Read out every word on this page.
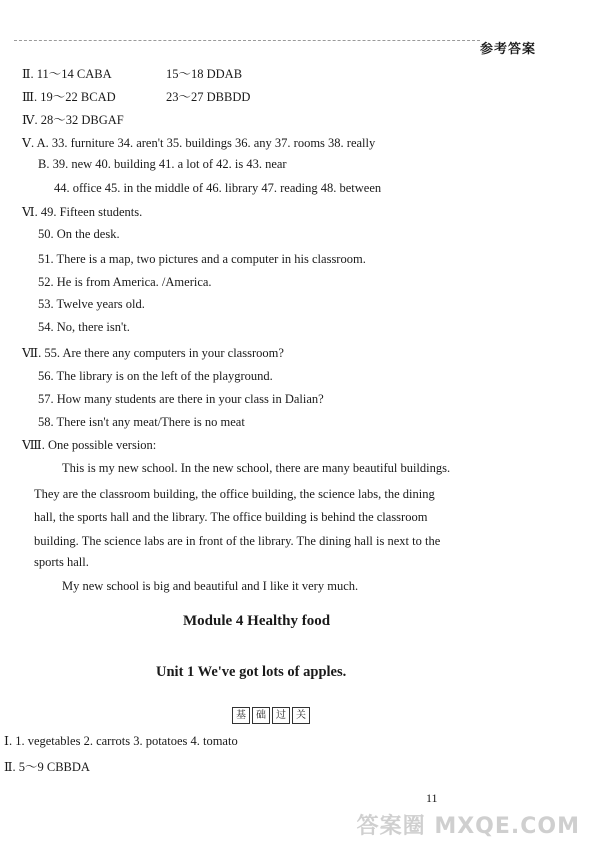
参考答案
Ⅱ. 11～14 CABA	15～18 DDAB
Ⅲ. 19～22 BCAD	23～27 DBBDD
Ⅳ. 28～32 DBGAF
Ⅴ. A. 33. furniture 34. aren't 35. buildings 36. any 37. rooms 38. really
B. 39. new 40. building 41. a lot of 42. is 43. near
44. office 45. in the middle of 46. library 47. reading 48. between
Ⅵ. 49. Fifteen students.
50. On the desk.
51. There is a map, two pictures and a computer in his classroom.
52. He is from America. /America.
53. Twelve years old.
54. No, there isn't.
Ⅶ. 55. Are there any computers in your classroom?
56. The library is on the left of the playground.
57. How many students are there in your class in Dalian?
58. There isn't any meat/There is no meat
Ⅷ. One possible version:
This is my new school. In the new school, there are many beautiful buildings.
They are the classroom building, the office building, the science labs, the dining
hall, the sports hall and the library. The office building is behind the classroom
building. The science labs are in front of the library. The dining hall is next to the
sports hall.
My new school is big and beautiful and I like it very much.
Module 4 Healthy food
Unit 1 We've got lots of apples.
基	础	过	关
Ⅰ. 1. vegetables 2. carrots 3. potatoes 4. tomato
Ⅱ. 5～9 CBBDA
11
答案圈 MXQE.COM
